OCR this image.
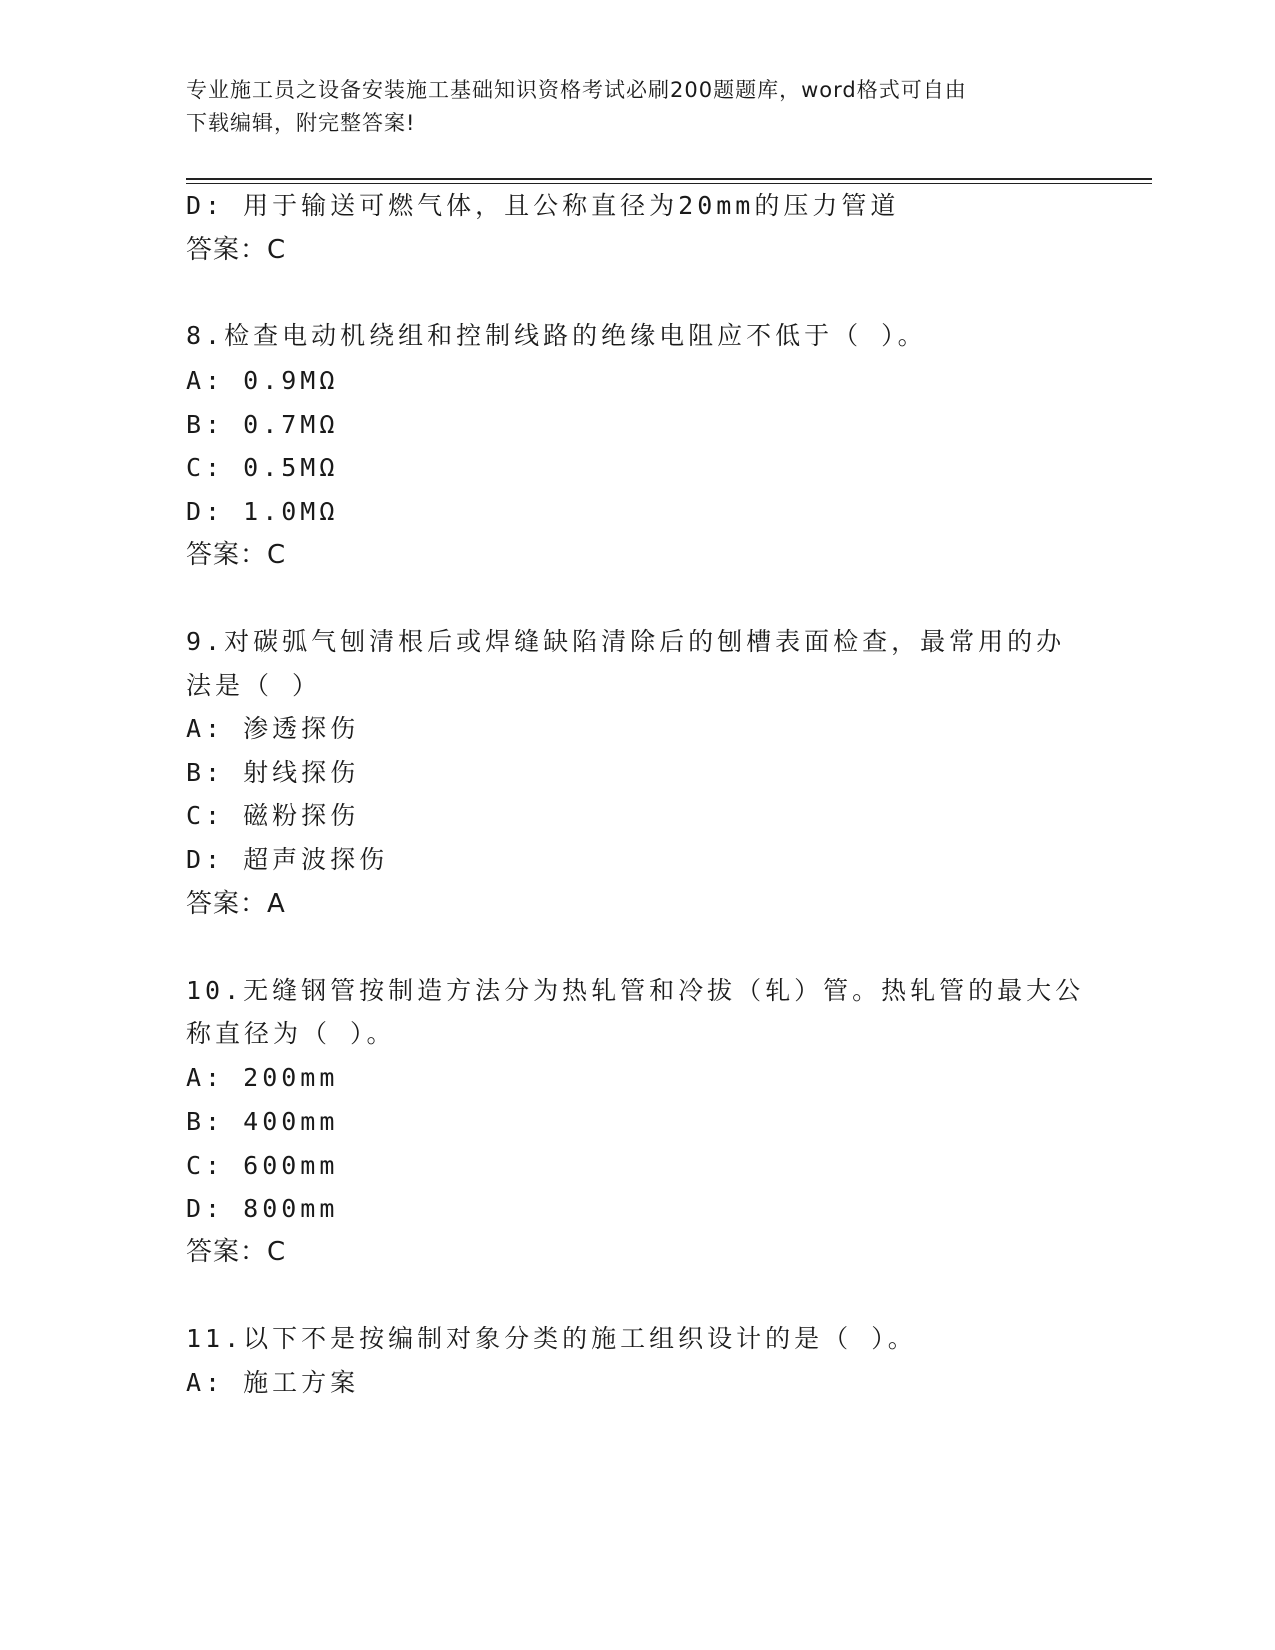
专业施工员之设备安装施工基础知识资格考试必刷200题题库，word格式可自由
下载编辑，附完整答案!
D: 用于输送可燃气体，且公称直径为20mm的压力管道
答案：C
8.检查电动机绕组和控制线路的绝缘电阻应不低于（ ）。
A: 0.9MΩ
B: 0.7MΩ
C: 0.5MΩ
D: 1.0MΩ
答案：C
9.对碳弧气刨清根后或焊缝缺陷清除后的刨槽表面检查，最常用的办
法是（ ）
A: 渗透探伤
B: 射线探伤
C: 磁粉探伤
D: 超声波探伤
答案：A
10.无缝钢管按制造方法分为热轧管和冷拔（轧）管。热轧管的最大公
称直径为（ ）。
A: 200mm
B: 400mm
C: 600mm
D: 800mm
答案：C
11.以下不是按编制对象分类的施工组织设计的是（ ）。
A: 施工方案
